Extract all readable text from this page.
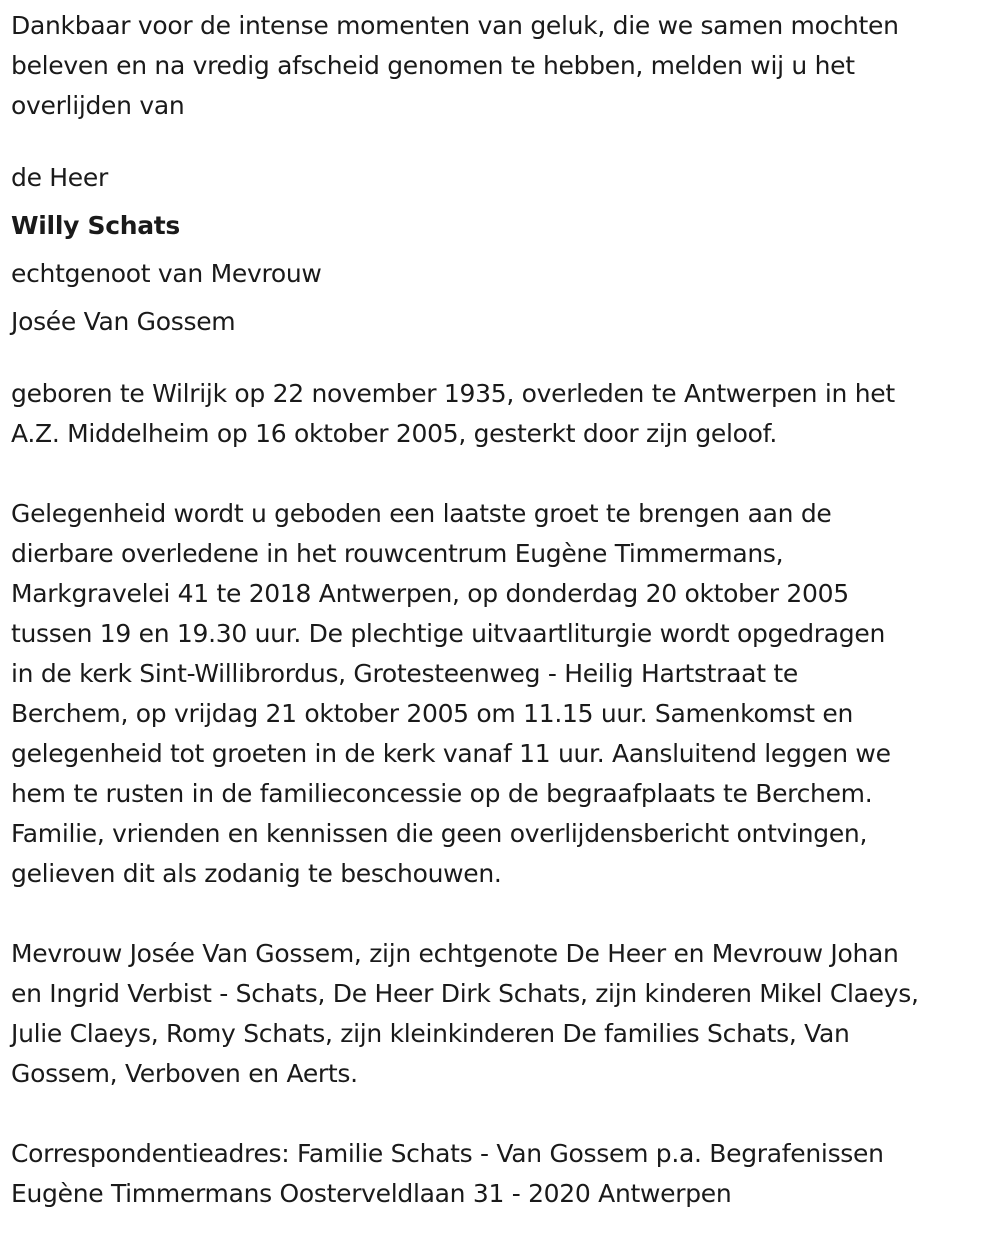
Dankbaar voor de intense momenten van geluk, die we samen mochten
beleven en na vredig afscheid genomen te hebben, melden wij u het
overlijden van

de Heer

Willy Schats

echtgenoot van Mevrouw

Josée Van Gossem

geboren te Wilrijk op 22 november 1935, overleden te Antwerpen in het
A.Z. Middelheim op 16 oktober 2005, gesterkt door zijn geloof.

Gelegenheid wordt u geboden een laatste groet te brengen aan de
dierbare overledene in het rouwcentrum Eugène Timmermans,
Markgravelei 41 te 2018 Antwerpen, op donderdag 20 oktober 2005
tussen 19 en 19.30 uur. De plechtige uitvaartliturgie wordt opgedragen
in de kerk Sint-Willibrordus, Grotesteenweg - Heilig Hartstraat te
Berchem, op vrijdag 21 oktober 2005 om 11.15 uur. Samenkomst en
gelegenheid tot groeten in de kerk vanaf 11 uur. Aansluitend leggen we
hem te rusten in de familieconcessie op de begraafplaats te Berchem.
Familie, vrienden en kennissen die geen overlijdensbericht ontvingen,
gelieven dit als zodanig te beschouwen.

Mevrouw Josée Van Gossem, zijn echtgenote De Heer en Mevrouw Johan
en Ingrid Verbist - Schats, De Heer Dirk Schats, zijn kinderen Mikel Claeys,
Julie Claeys, Romy Schats, zijn kleinkinderen De families Schats, Van
Gossem, Verboven en Aerts.

Correspondentieadres: Familie Schats - Van Gossem p.a. Begrafenissen
Eugène Timmermans Oosterveldlaan 31 - 2020 Antwerpen
